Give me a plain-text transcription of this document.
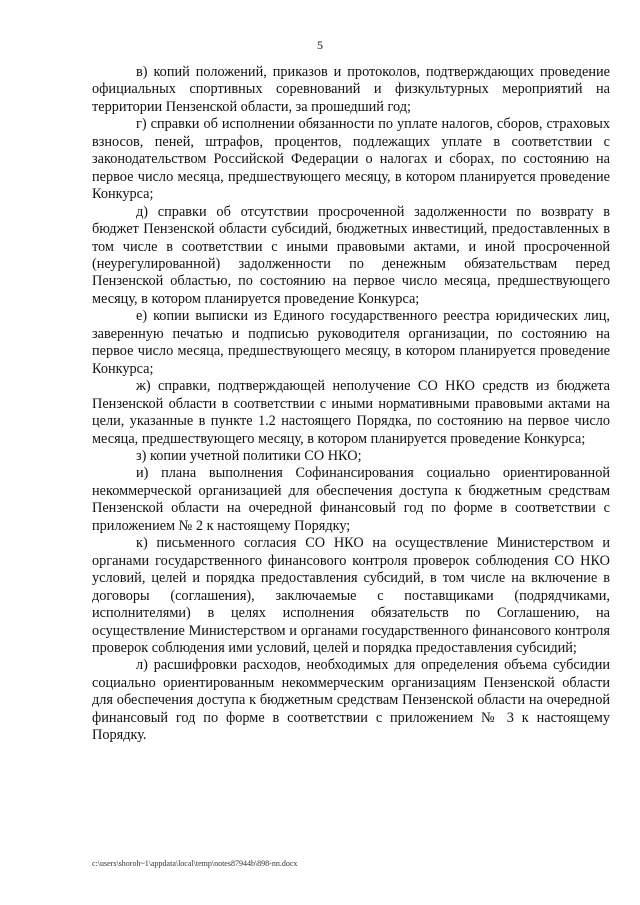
5

в) копий положений, приказов и протоколов, подтверждающих проведение официальных спортивных соревнований и физкультурных мероприятий на территории Пензенской области, за прошедший год;

г) справки об исполнении обязанности по уплате налогов, сборов, страховых взносов, пеней, штрафов, процентов, подлежащих уплате в соответствии с законодательством Российской Федерации о налогах и сборах, по состоянию на первое число месяца, предшествующего месяцу, в котором планируется проведение Конкурса;

д) справки об отсутствии просроченной задолженности по возврату в бюджет Пензенской области субсидий, бюджетных инвестиций, предоставленных в том числе в соответствии с иными правовыми актами, и иной просроченной (неурегулированной) задолженности по денежным обязательствам перед Пензенской областью, по состоянию на первое число месяца, предшествующего месяцу, в котором планируется проведение Конкурса;

е) копии выписки из Единого государственного реестра юридических лиц, заверенную печатью и подписью руководителя организации, по состоянию на первое число месяца, предшествующего месяцу, в котором планируется проведение Конкурса;

ж) справки, подтверждающей неполучение СО НКО средств из бюджета Пензенской области в соответствии с иными нормативными правовыми актами на цели, указанные в пункте 1.2 настоящего Порядка, по состоянию на первое число месяца, предшествующего месяцу, в котором планируется проведение Конкурса;

з) копии учетной политики СО НКО;

и) плана выполнения Софинансирования социально ориентированной некоммерческой организацией для обеспечения доступа к бюджетным средствам Пензенской области на очередной финансовый год по форме в соответствии с приложением № 2 к настоящему Порядку;

к) письменного согласия СО НКО на осуществление Министерством и органами государственного финансового контроля проверок соблюдения СО НКО условий, целей и порядка предоставления субсидий, в том числе на включение в договоры (соглашения), заключаемые с поставщиками (подрядчиками, исполнителями) в целях исполнения обязательств по Соглашению, на осуществление Министерством и органами государственного финансового контроля проверок соблюдения ими условий, целей и порядка предоставления субсидий;

л) расшифровки расходов, необходимых для определения объема субсидии социально ориентированным некоммерческим организациям Пензенской области для обеспечения доступа к бюджетным средствам Пензенской области на очередной финансовый год по форме в соответствии с приложением № 3 к настоящему Порядку.

c:\users\shoroh~1\appdata\local\temp\notes87944b\898-nn.docx
